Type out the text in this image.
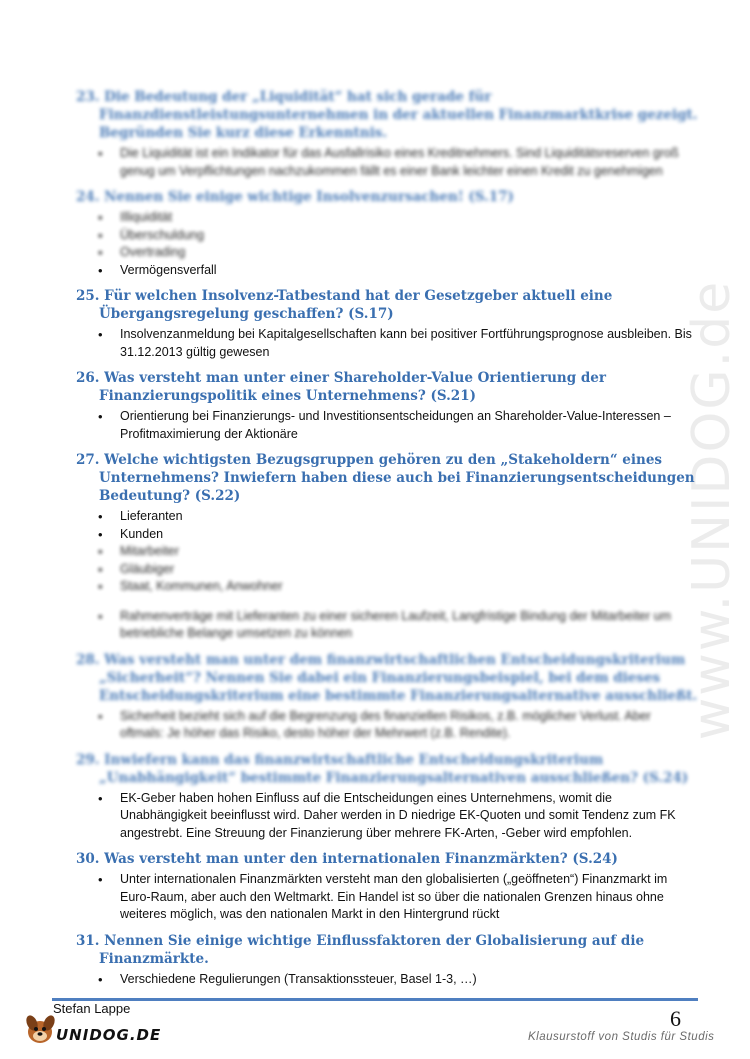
www.UNIDOG.de
23. Die Bedeutung der „Liquidität“ hat sich gerade für Finanzdienstleistungsunternehmen in der aktuellen Finanzmarktkrise gezeigt. Begründen Sie kurz diese Erkenntnis.
• Die Liquidität ist ein Indikator für das Ausfallrisiko eines Kreditnehmers. Sind Liquiditätsreserven groß genug um Verpflichtungen nachzukommen fällt es einer Bank leichter einen Kredit zu genehmigen
24. Nennen Sie einige wichtige Insolvenzursachen! (S.17)
• Illiquidität
• Überschuldung
• Overtrading
• Vermögensverfall
25. Für welchen Insolvenz-Tatbestand hat der Gesetzgeber aktuell eine Übergangsregelung geschaffen? (S.17)
• Insolvenzanmeldung bei Kapitalgesellschaften kann bei positiver Fortführungsprognose ausbleiben. Bis 31.12.2013 gültig gewesen
26. Was versteht man unter einer Shareholder-Value Orientierung der Finanzierungspolitik eines Unternehmens? (S.21)
• Orientierung bei Finanzierungs- und Investitionsentscheidungen an Shareholder-Value-Interessen – Profitmaximierung der Aktionäre
27. Welche wichtigsten Bezugsgruppen gehören zu den „Stakeholdern“ eines Unternehmens? Inwiefern haben diese auch bei Finanzierungsentscheidungen Bedeutung? (S.22)
• Lieferanten
• Kunden
• Mitarbeiter
• Gläubiger
• Staat, Kommunen, Anwohner
• Rahmenverträge mit Lieferanten zu einer sicheren Laufzeit, Langfristige Bindung der Mitarbeiter um betriebliche Belange umsetzen zu können
28. Was versteht man unter dem finanzwirtschaftlichen Entscheidungskriterium „Sicherheit“? Nennen Sie dabei ein Finanzierungsbeispiel, bei dem dieses Entscheidungskriterium eine bestimmte Finanzierungsalternative ausschließt.
• Sicherheit bezieht sich auf die Begrenzung des finanziellen Risikos, z.B. möglicher Verlust. Aber oftmals: Je höher das Risiko, desto höher der Mehrwert (z.B. Rendite).
29. Inwiefern kann das finanzwirtschaftliche Entscheidungskriterium „Unabhängigkeit“ bestimmte Finanzierungsalternativen ausschließen? (S.24)
• EK-Geber haben hohen Einfluss auf die Entscheidungen eines Unternehmens, womit die Unabhängigkeit beeinflusst wird. Daher werden in D niedrige EK-Quoten und somit Tendenz zum FK angestrebt. Eine Streuung der Finanzierung über mehrere FK-Arten, -Geber wird empfohlen.
30. Was versteht man unter den internationalen Finanzmärkten? (S.24)
• Unter internationalen Finanzmärkten versteht man den globalisierten („geöffneten“) Finanzmarkt im Euro-Raum, aber auch den Weltmarkt. Ein Handel ist so über die nationalen Grenzen hinaus ohne weiteres möglich, was den nationalen Markt in den Hintergrund rückt
31. Nennen Sie einige wichtige Einflussfaktoren der Globalisierung auf die Finanzmärkte.
• Verschiedene Regulierungen (Transaktionssteuer, Basel 1-3, …)
Stefan Lappe	6
UNIDOG.DE	Klausurstoff von Studis für Studis
